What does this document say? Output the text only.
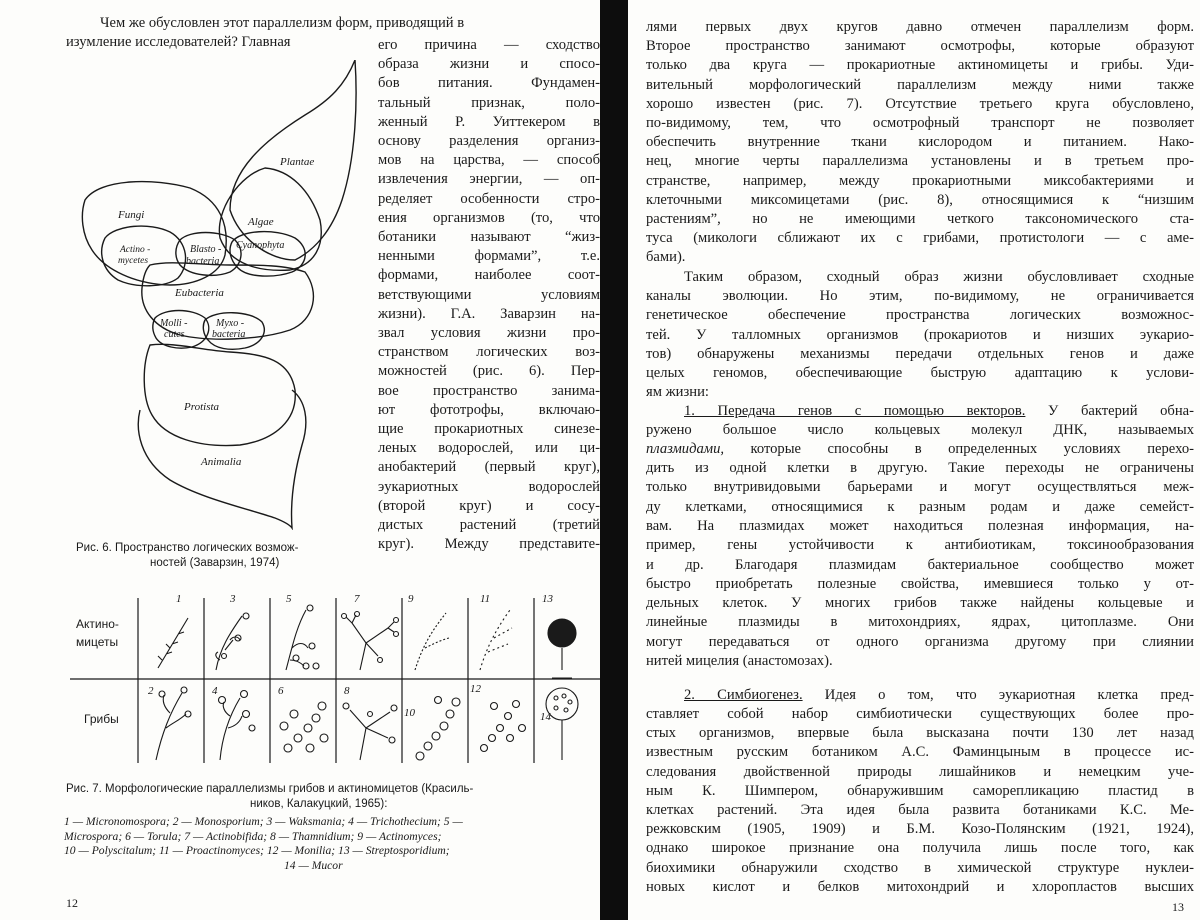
Чем же обусловлен этот параллелизм форм, приводящий в
изумление исследователей? Главная	его причина — сходство
образа жизни и спосо-
бов питания. Фундамен-
тальный признак, поло-
женный Р. Уиттекером в
основу разделения организ-
мов на царства, — способ
извлечения энергии, — оп-
ределяет особенности стро-
ения организмов (то, что
ботаники называют “жиз-
ненными формами”, т.е.
формами, наиболее соот-
ветствующими условиям
жизни). Г.А. Заварзин на-
звал условия жизни про-
странством логических воз-
можностей (рис. 6). Пер-
вое пространство занима-
ют фототрофы, включаю-
щие прокариотных синезе-
леных водорослей, или ци-
анобактерий (первый круг),
эукариотных водорослей
(второй круг) и сосу-
дистых растений (третий
круг). Между представите-
Plantae
Algae
Fungi
Actino -
mycetes
Blasto -
bacteria
Cyanophyta
Eubacteria
Molli -
cutes
Myxo -
bacteria
Protista
Animalia
Рис. 6. Пространство логических возмож-
ностей (Заварзин, 1974)
Актино-
мицеты
Грибы
1	3	5	7	9	11	13
2	4	6	8
10
12
14
Рис. 7. Морфологические параллелизмы грибов и актиномицетов (Красиль-
ников, Калакуцкий, 1965):
1 — Micronomospora; 2 — Monosporium; 3 — Waksmania; 4 — Trichothecium; 5 —
Microspora; 6 — Torula; 7 — Actinobifida; 8 — Thamnidium; 9 — Actinomyces;
10 — Polyscitalum; 11 — Proactinomyces; 12 — Monilia; 13 — Streptosporidium;
14 — Mucor
12
лями первых двух кругов давно отмечен параллелизм форм.
Второе пространство занимают осмотрофы, которые образуют
только два круга — прокариотные актиномицеты и грибы. Уди-
вительный морфологический параллелизм между ними также
хорошо известен (рис. 7). Отсутствие третьего круга обусловлено,
по-видимому, тем, что осмотрофный транспорт не позволяет
обеспечить внутренние ткани кислородом и питанием. Нако-
нец, многие черты параллелизма установлены и в третьем про-
странстве, например, между прокариотными миксобактериями и
клеточными миксомицетами (рис. 8), относящимися к “низшим
растениям”, но не имеющими четкого таксономического ста-
туса (микологи сближают их с грибами, протистологи — с аме-
бами).
Таким образом, сходный образ жизни обусловливает сходные
каналы эволюции. Но этим, по-видимому, не ограничивается
генетическое обеспечение пространства логических возможнос-
тей. У талломных организмов (прокариотов и низших эукарио-
тов) обнаружены механизмы передачи отдельных генов и даже
целых геномов, обеспечивающие быструю адаптацию к услови-
ям жизни:
1. Передача генов с помощью векторов. У бактерий обна-
ружено большое число кольцевых молекул ДНК, называемых
плазмидами, которые способны в определенных условиях перехо-
дить из одной клетки в другую. Такие переходы не ограничены
только внутривидовыми барьерами и могут осуществляться меж-
ду клетками, относящимися к разным родам и даже семейст-
вам. На плазмидах может находиться полезная информация, на-
пример, гены устойчивости к антибиотикам, токсинообразования
и др. Благодаря плазмидам бактериальное сообщество может
быстро приобретать полезные свойства, имевшиеся только у от-
дельных клеток. У многих грибов также найдены кольцевые и
линейные плазмиды в митохондриях, ядрах, цитоплазме. Они
могут передаваться от одного организма другому при слиянии
нитей мицелия (анастомозах).
2. Симбиогенез. Идея о том, что эукариотная клетка пред-
ставляет собой набор симбиотически существующих более про-
стых организмов, впервые была высказана почти 130 лет назад
известным русским ботаником А.С. Фаминцыным в процессе ис-
следования двойственной природы лишайников и немецким уче-
ным К. Шимпером, обнаружившим саморепликацию пластид в
клетках растений. Эта идея была развита ботаниками К.С. Ме-
режковским (1905, 1909) и Б.М. Козо-Полянским (1921, 1924),
однако широкое признание она получила лишь после того, как
биохимики обнаружили сходство в химической структуре нуклеи-
новых кислот и белков митохондрий и хлоропластов высших
13
